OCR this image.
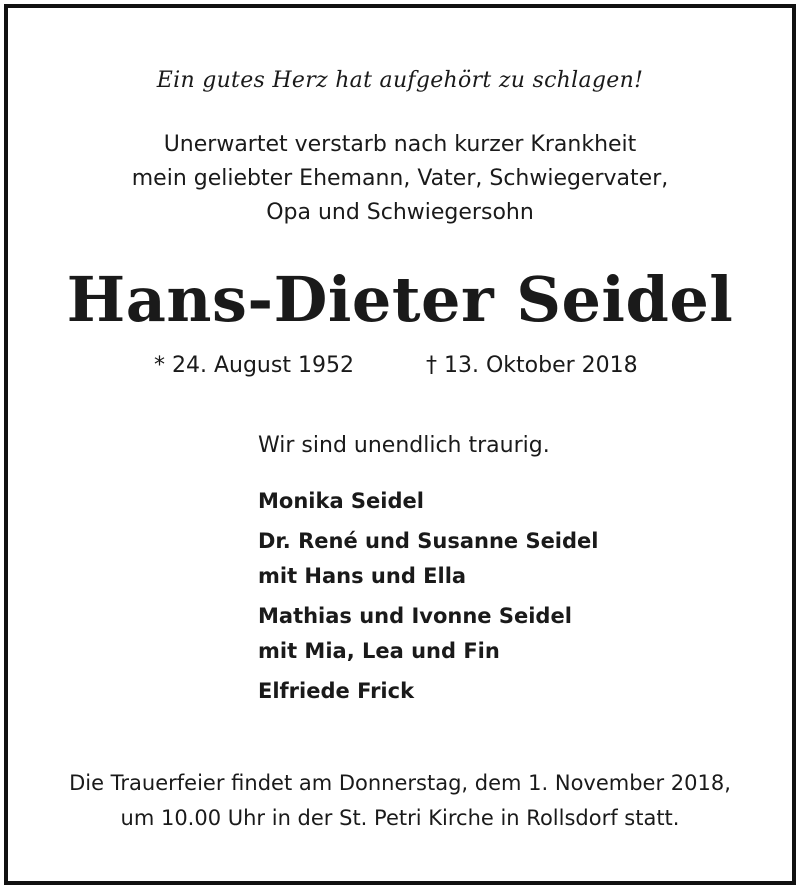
Ein gutes Herz hat aufgehört zu schlagen!
Unerwartet verstarb nach kurzer Krankheit
mein geliebter Ehemann, Vater, Schwiegervater,
Opa und Schwiegersohn
Hans-Dieter Seidel
* 24. August 1952	† 13. Oktober 2018
Wir sind unendlich traurig.
Monika Seidel
Dr. René und Susanne Seidel
mit Hans und Ella
Mathias und Ivonne Seidel
mit Mia, Lea und Fin
Elfriede Frick
Die Trauerfeier findet am Donnerstag, dem 1. November 2018,
um 10.00 Uhr in der St. Petri Kirche in Rollsdorf statt.
